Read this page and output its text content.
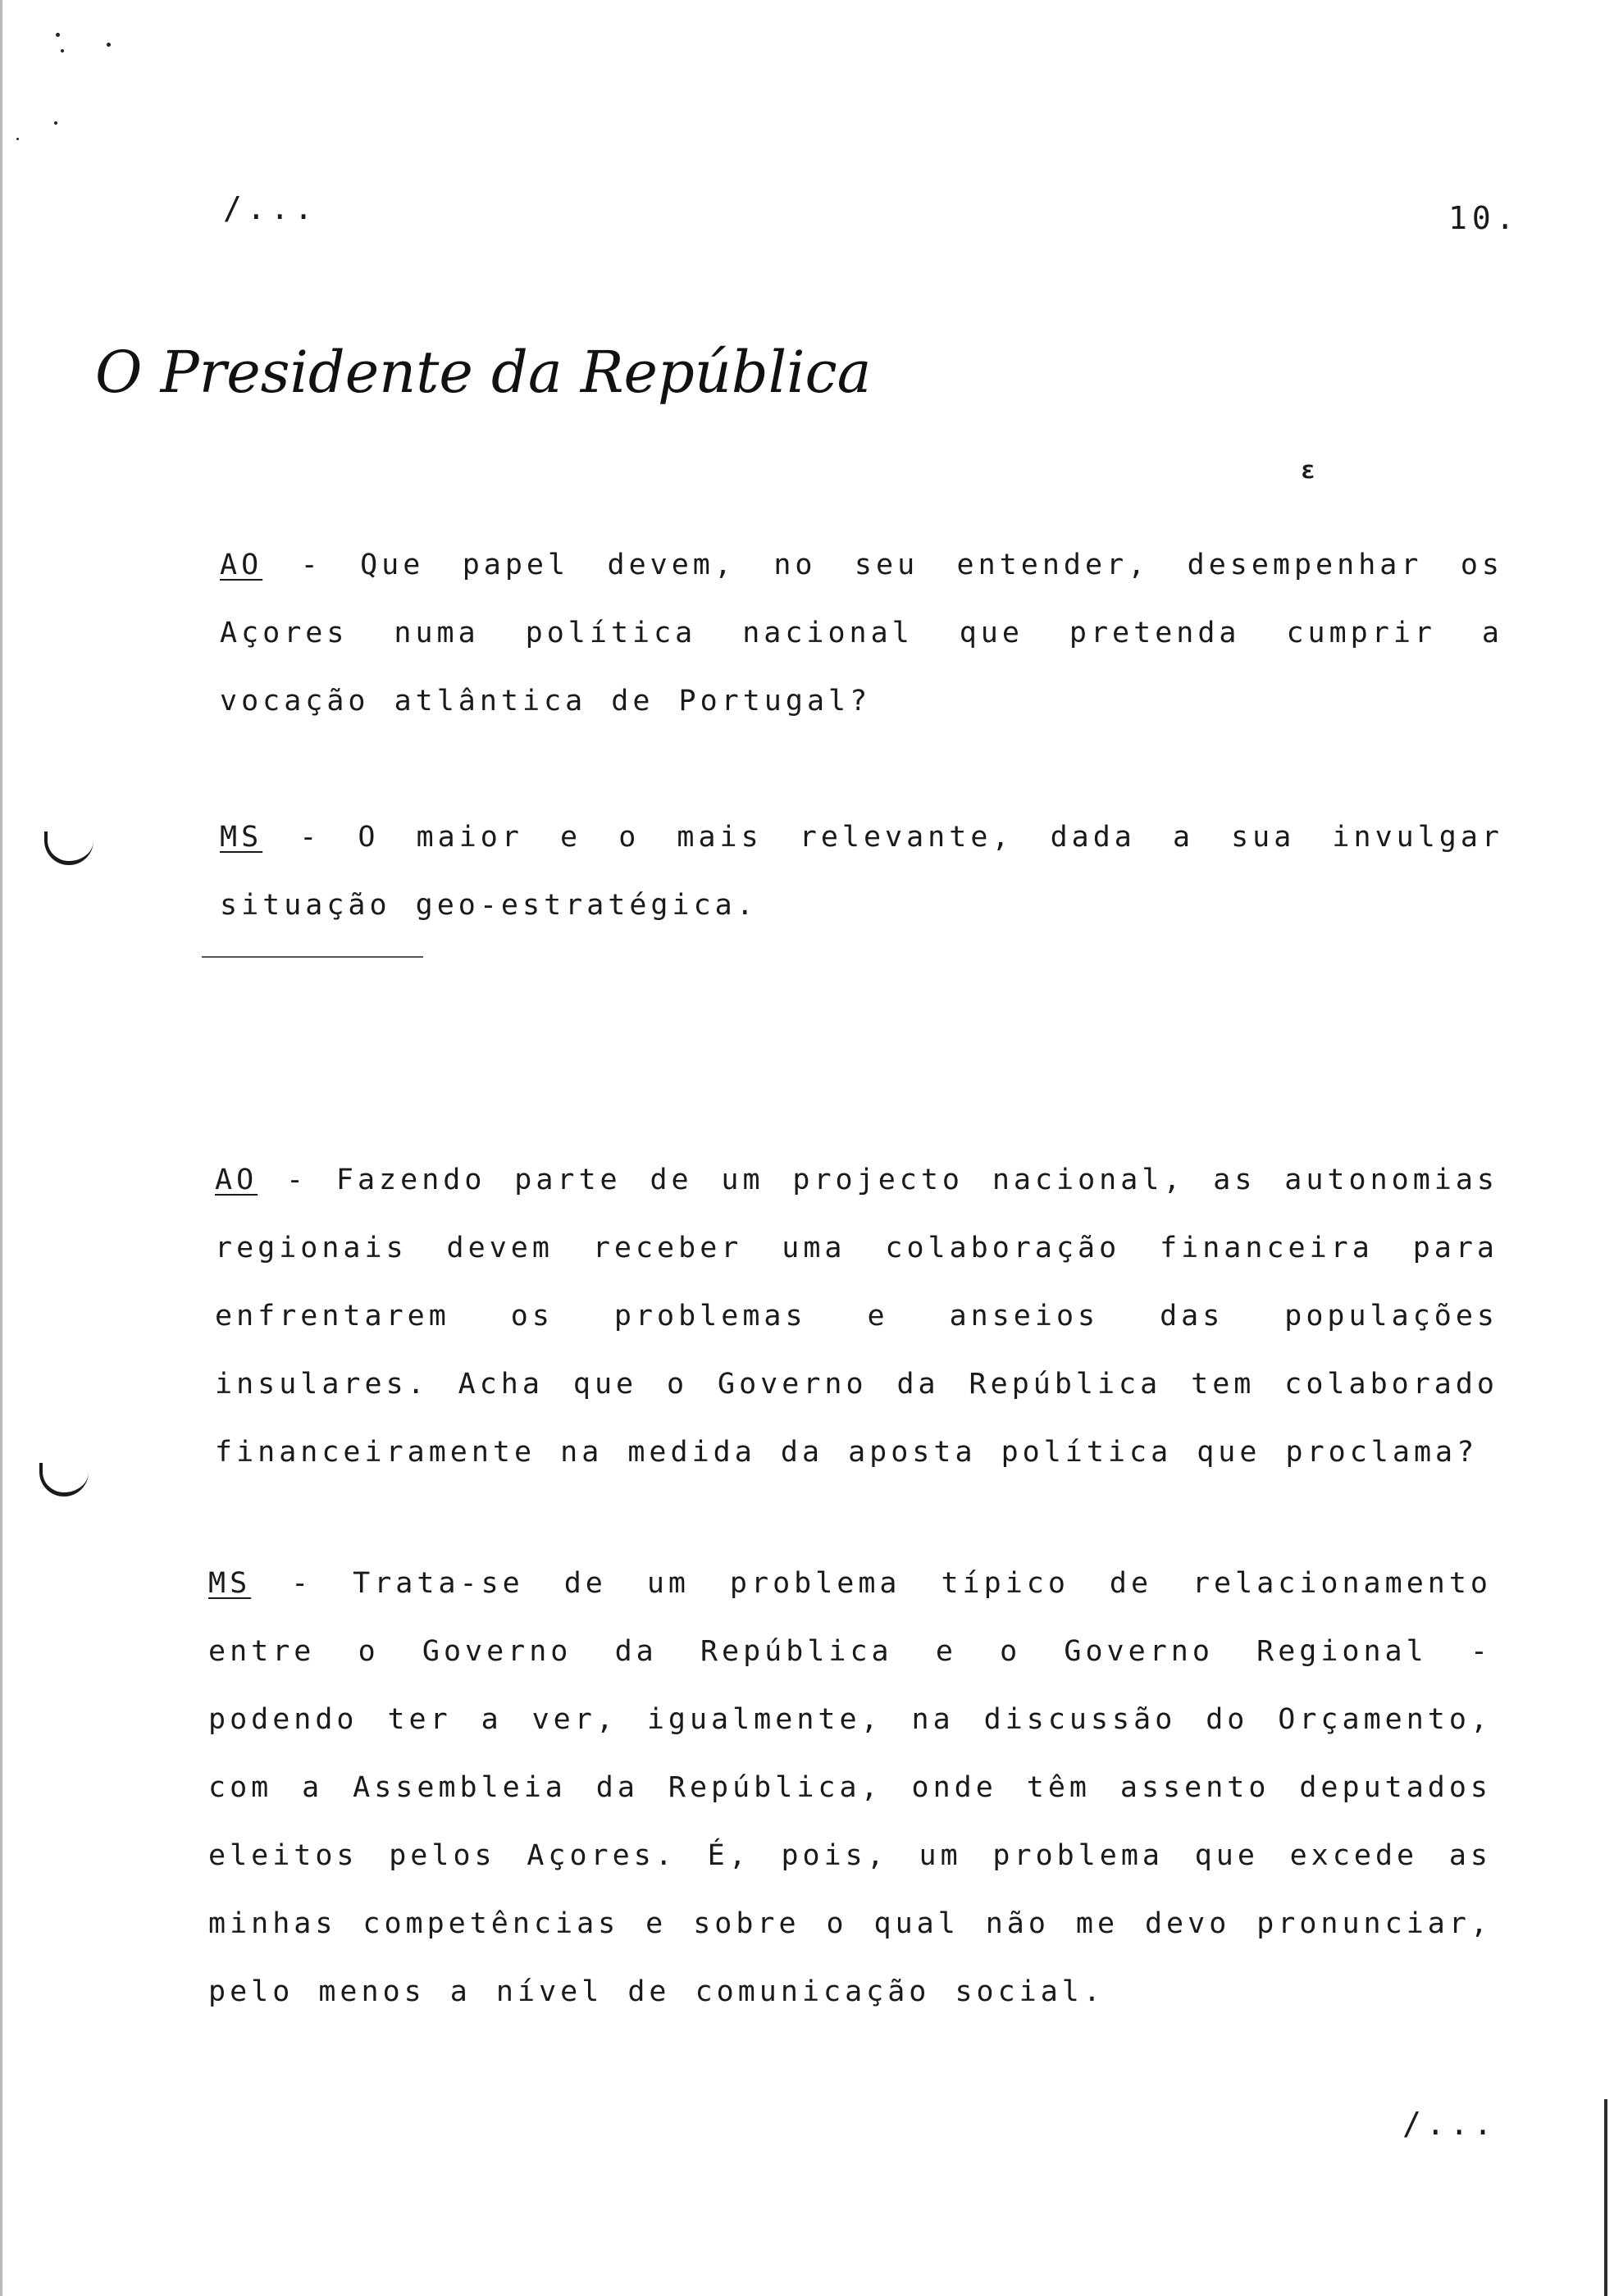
/...	10.
O Presidente da República
ɛ
AO - Que papel devem, no seu entender, desempenhar os Açores numa política nacional que pretenda cumprir a vocação atlântica de Portugal?
MS - O maior e o mais relevante, dada a sua invulgar situação geo-estratégica.
AO - Fazendo parte de um projecto nacional, as autonomias regionais devem receber uma colaboração financeira para enfrentarem os problemas e anseios das populações insulares. Acha que o Governo da República tem colaborado financeiramente na medida da aposta política que proclama?
MS - Trata-se de um problema típico de relacionamento entre o Governo da República e o Governo Regional - podendo ter a ver, igualmente, na discussão do Orçamento, com a Assembleia da República, onde têm assento deputados eleitos pelos Açores. É, pois, um problema que excede as minhas competências e sobre o qual não me devo pronunciar, pelo menos a nível de comunicação social.
/...
